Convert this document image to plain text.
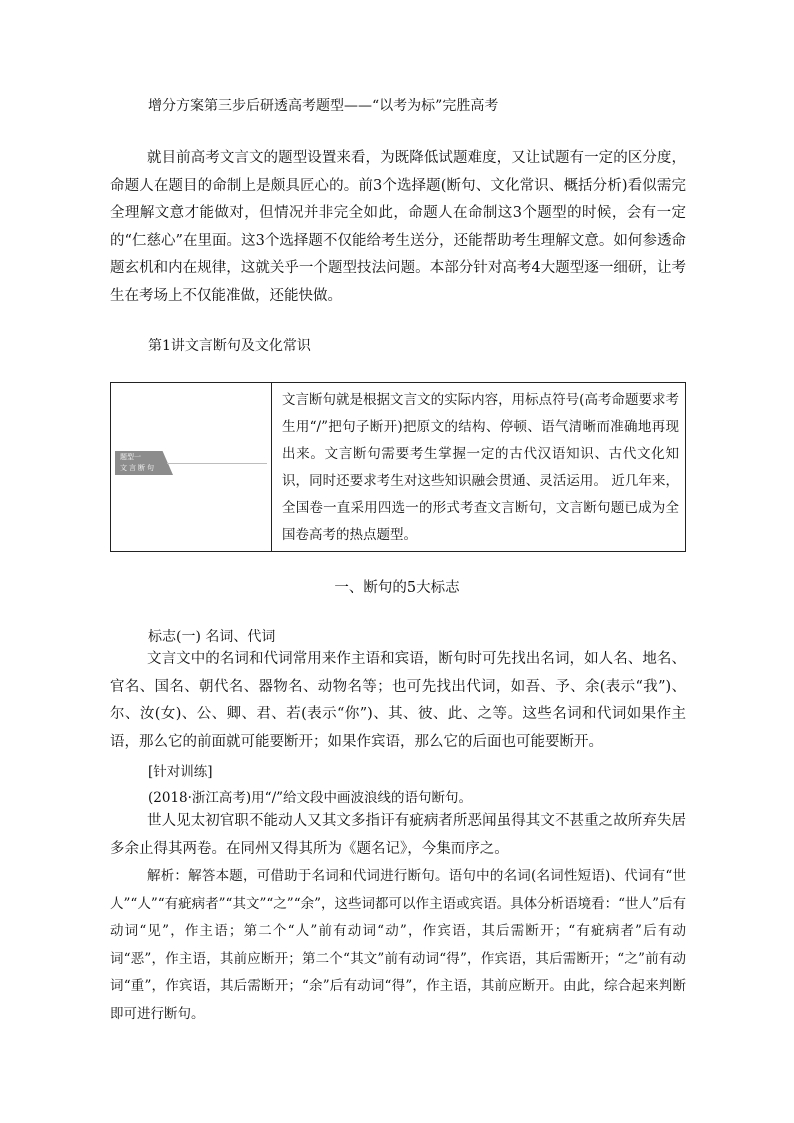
增分方案第三步后研透高考题型——“以考为标”完胜高考
就目前高考文言文的题型设置来看，为既降低试题难度，又让试题有一定的区分度，命题人在题目的命制上是颇具匠心的。前3个选择题(断句、文化常识、概括分析)看似需完全理解文意才能做对，但情况并非完全如此，命题人在命制这3个题型的时候，会有一定的“仁慈心”在里面。这3个选择题不仅能给考生送分，还能帮助考生理解文意。如何参透命题玄机和内在规律，这就关乎一个题型技法问题。本部分针对高考4大题型逐一细研，让考生在考场上不仅能准做，还能快做。
第1讲文言断句及文化常识
题型一
文言断句
	文言断句就是根据文言文的实际内容，用标点符号(高考命题要求考生用“/”把句子断开)把原文的结构、停顿、语气清晰而准确地再现出来。文言断句需要考生掌握一定的古代汉语知识、古代文化知识，同时还要求考生对这些知识融会贯通、灵活运用。 近几年来，全国卷一直采用四选一的形式考查文言断句，文言断句题已成为全国卷高考的热点题型。
一、断句的5大标志
标志(一) 名词、代词
文言文中的名词和代词常用来作主语和宾语，断句时可先找出名词，如人名、地名、官名、国名、朝代名、器物名、动物名等；也可先找出代词，如吾、予、余(表示“我”)、尔、汝(女)、公、卿、君、若(表示“你”)、其、彼、此、之等。这些名词和代词如果作主语，那么它的前面就可能要断开；如果作宾语，那么它的后面也可能要断开。
[针对训练]
(2018·浙江高考)用“/”给文段中画波浪线的语句断句。
世人见太初官职不能动人又其文多指讦有疵病者所恶闻虽得其文不甚重之故所弃失居多余止得其两卷。在同州又得其所为《题名记》，今集而序之。
解析：解答本题，可借助于名词和代词进行断句。语句中的名词(名词性短语)、代词有“世人”“人”“有疵病者”“其文”“之”“余”，这些词都可以作主语或宾语。具体分析语境看：“世人”后有动词“见”，作主语；第二个“人”前有动词“动”，作宾语，其后需断开；“有疵病者”后有动词“恶”，作主语，其前应断开；第二个“其文”前有动词“得”，作宾语，其后需断开；“之”前有动词“重”，作宾语，其后需断开；“余”后有动词“得”，作主语，其前应断开。由此，综合起来判断即可进行断句。
